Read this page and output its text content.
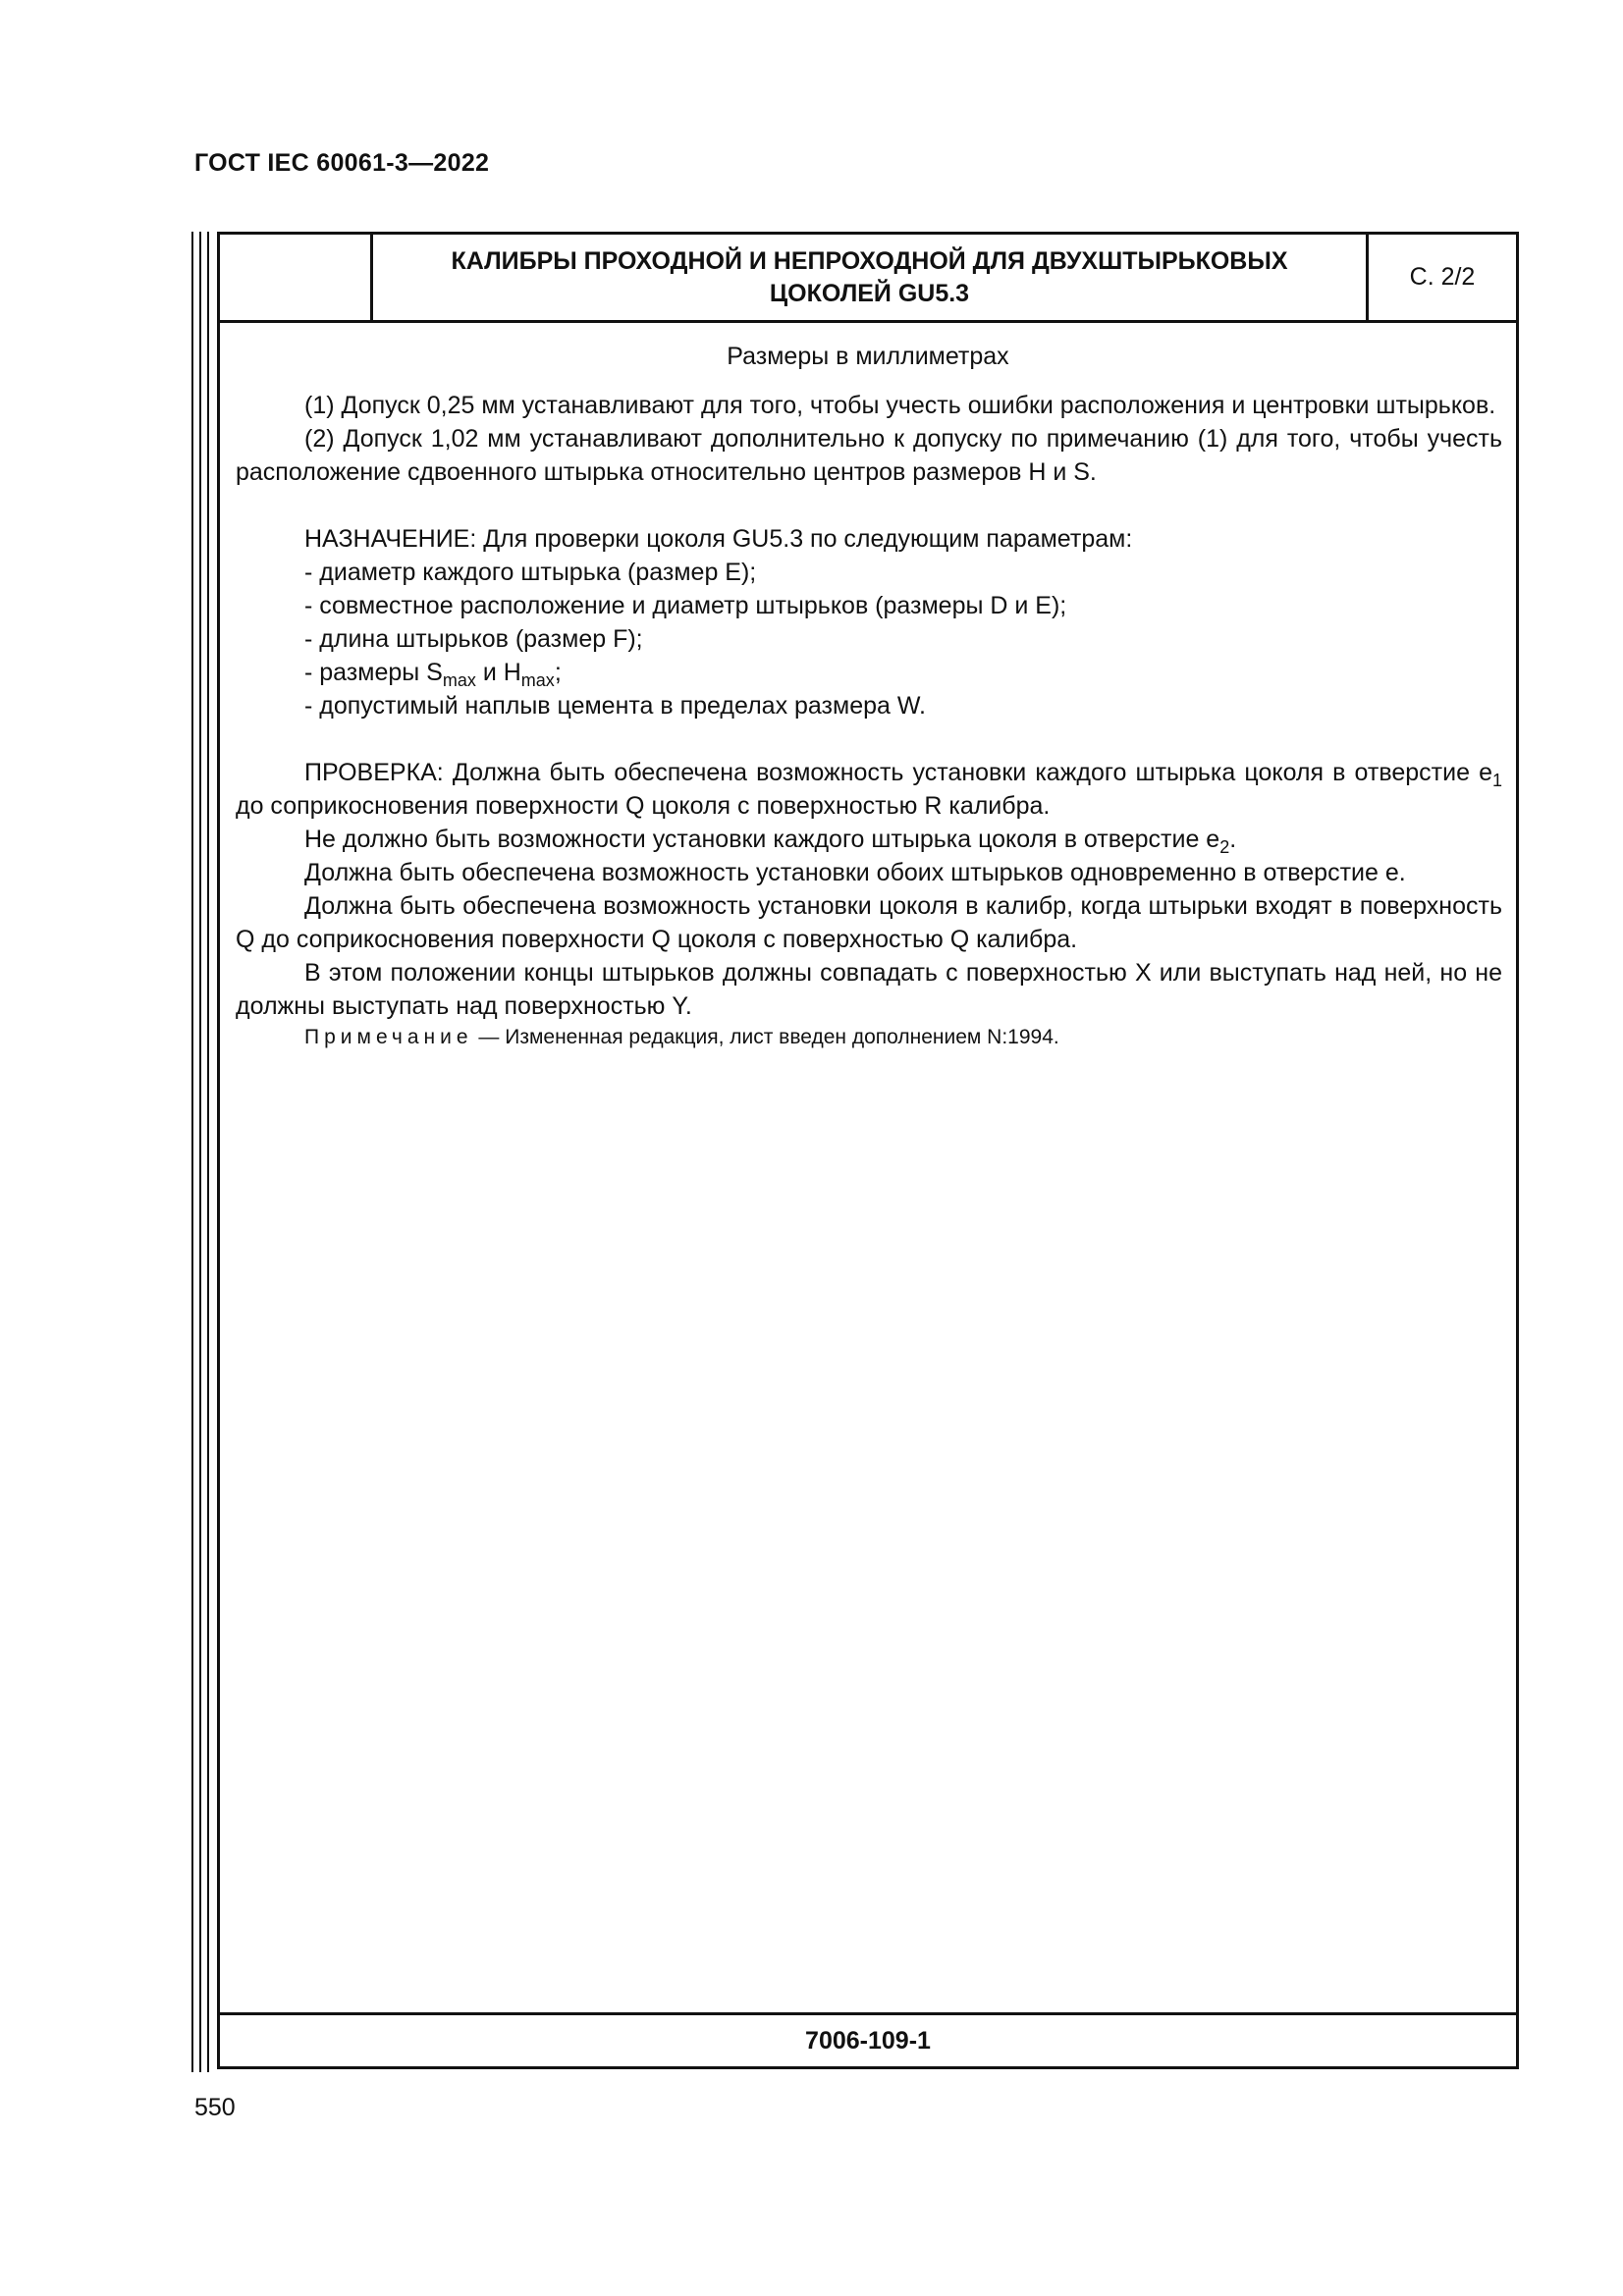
ГОСТ IEC 60061-3—2022
КАЛИБРЫ ПРОХОДНОЙ И НЕПРОХОДНОЙ ДЛЯ ДВУХШТЫРЬКОВЫХ
ЦОКОЛЕЙ GU5.3
С. 2/2
Размеры в миллиметрах

(1) Допуск 0,25 мм устанавливают для того, чтобы учесть ошибки расположения и центровки штырьков.

(2) Допуск 1,02 мм устанавливают дополнительно к допуску по примечанию (1) для того, чтобы учесть расположение сдвоенного штырька относительно центров размеров H и S.

НАЗНАЧЕНИЕ: Для проверки цоколя GU5.3 по следующим параметрам:

- диаметр каждого штырька (размер E);

- совместное расположение и диаметр штырьков (размеры D и E);

- длина штырьков (размер F);

- размеры $S_{max}$ и $H_{max}$;

- допустимый наплыв цемента в пределах размера W.

ПРОВЕРКА: Должна быть обеспечена возможность установки каждого штырька цоколя в отверстие $e_1$ до соприкосновения поверхности Q цоколя с поверхностью R калибра.

Не должно быть возможности установки каждого штырька цоколя в отверстие $e_2$.

Должна быть обеспечена возможность установки обоих штырьков одновременно в отверстие e.

Должна быть обеспечена возможность установки цоколя в калибр, когда штырьки входят в поверхность Q до соприкосновения поверхности Q цоколя с поверхностью Q калибра.

В этом положении концы штырьков должны совпадать с поверхностью X или выступать над ней, но не должны выступать над поверхностью Y.

Примечание — Измененная редакция, лист введен дополнением N:1994.

7006-109-1
550
